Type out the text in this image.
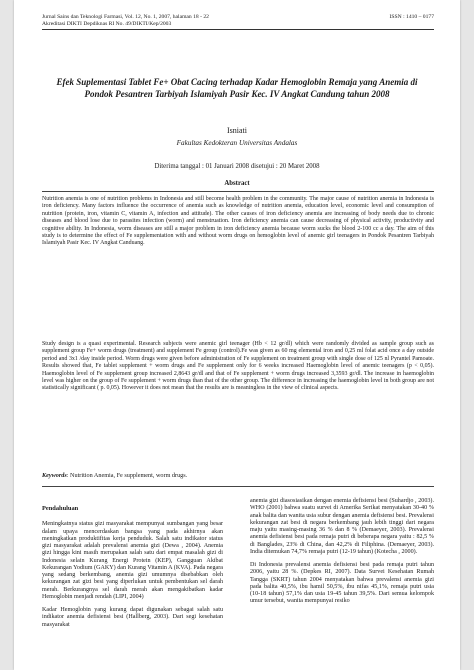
Jurnal Sains dan Teknologi Farmasi, Vol. 12, No. 1, 2007, halaman 18 - 22
Akreditasi DIKTI Depdiknas RI No. 49/DIKTI/Kep/2003
ISSN : 1410 – 0177
Efek Suplementasi Tablet Fe+ Obat Cacing terhadap Kadar Hemoglobin Remaja yang Anemia di Pondok Pesantren Tarbiyah Islamiyah Pasir Kec. IV Angkat Candung tahun 2008
Isniati
Fakultas Kedokteran Universitas Andalas
Diterima tanggal : 01 Januari 2008 disetujui : 20 Maret 2008
Abstract

Nutrition anemia is one of nutrition problems in Indonesia and still become health problem in the community. The major cause of nutrition anemia in Indonesia is iron deficiency. Many factors influence the occurrence of anemia such as knowledge of nutrition anemia, education level, economic level and consumption of nutrition (protein, iron, vitamin C, vitamin A, infection and attitude). The other causes of iron deficiency anemia are increasing of body needs due to chronic diseases and blood lose due to parasites infection (worm) and menstruation. Iron deficiency anemia can cause decreasing of physical activity, productivity and cognitive ability. In Indonesia, worm diseases are still a major problem in iron deficiency anemia because worm sucks the blood 2-100 cc a day. The aim of this study is to determine the effect of Fe supplementation with and without worm drugs on hemoglobin level of anemic girl teenagers in Pondok Pesantren Tarbiyah Islamiyah Pasir Kec. IV Angkat Canduang.

Study design is a quasi experimental. Research subjects were anemic girl teenager (Hb < 12 gr/dl) which were randomly divided as sample group such as supplement group Fe+ worm drugs (treatment) and supplement Fe group (control).Fe was given as 60 mg elemental iron and 0,25 ml folat acid once a day outside period and 3x1 /day inside period. Worm drugs were given before administration of Fe supplement on treatment group with single dose of 125 nl Pyrantel Pamoate. Results showed that, Fe tablet supplement + worm drugs and Fe supplement only for 6 weeks increased Haemoglobin level of anemic teenagers (p < 0,05). Haemoglobin level of Fe supplement group increased 2,8643 gr/dl and that of Fe supplement + worm drugs increased 3,3593 gr/dl. The increase in haemoglobin level was higher on the group of Fe supplement + worm drugs than that of the other group. The difference in increasing the haemoglobin level in both group are not statistically significant ( p. 0,05). However it does not mean that the results are is meaningless in the view of clinical aspects.

Keywords: Nutrition Anemia, Fe supplement, worm drugs.

Pendahuluan

Meningkatnya status gizi masyarakat mempunyai sumbangan yang besar dalam upaya mencerdaskan bangsa yang pada akhirnya akan meningkatkan produktifitas kerja penduduk. Salah satu indikator status gizi masyarakat adalah prevalensi anemia gizi (Dewa , 2004). Anemia gizi hingga kini masih merupakan salah satu dari empat masalah gizi di Indonesia selain Kurang Energi Protein (KEP), Gangguan Akibat Kekurangan Yodium (GAKY) dan Kurang Vitamin A (KVA). Pada negara yang sedang berkembang, anemia gizi umumnya disebabkan oleh kekurangan zat gizi besi yang diperlukan untuk pembentukan sel darah merah. Berkurangnya sel darah merah akan mengakibatkan kadar Hemoglobin menjadi rendah (LIPI, 2004)

Kadar Hemoglobin yang kurang dapat digunakan sebagai salah satu indikator anemia defisiensi besi (Hallberg, 2003). Dari segi kesehatan masyarakat

anemia gizi diasosiasikan dengan enemia defisiensi besi (Suhardjo , 2003). WHO (2001) bahwa suatu survei di Amerika Serikat menyatakan 30-40 % anak balita dan wanita usia subur dengan anemia defisiensi besi. Prevalensi kekurangan zat besi di negara berkembang jauh lebih tinggi dari negara maju yaitu masing-masing 36 % dan 8 % (Demaeyer, 2003). Prevalensi anemia defisiensi besi pada remaja putri di beberapa negara yaitu : 82,5 % di Banglades, 23% di China, dan 42,2% di Filiphina. (Demaeyer, 2003). India ditemukan 74,7% remaja putri (12-19 tahun) (Kotecha , 2000).

Di Indonesia prevalensi anemia defisiensi besi pada remaja putri tahun 2006, yaitu 28 %. (Depkes RI, 2007). Data Survei Kesehatan Rumah Tangga (SKRT) tahun 2004 menyatakan bahwa prevalensi anemia gizi pada balita 40,5%, ibu hamil 50,5%, ibu nifas 45,1%, remaja putri usia (10-18 tahun) 57,1% dan usia 19-45 tahun 39,5%. Dari semua kelompok umur tersebut, wanita mempunyai resiko
